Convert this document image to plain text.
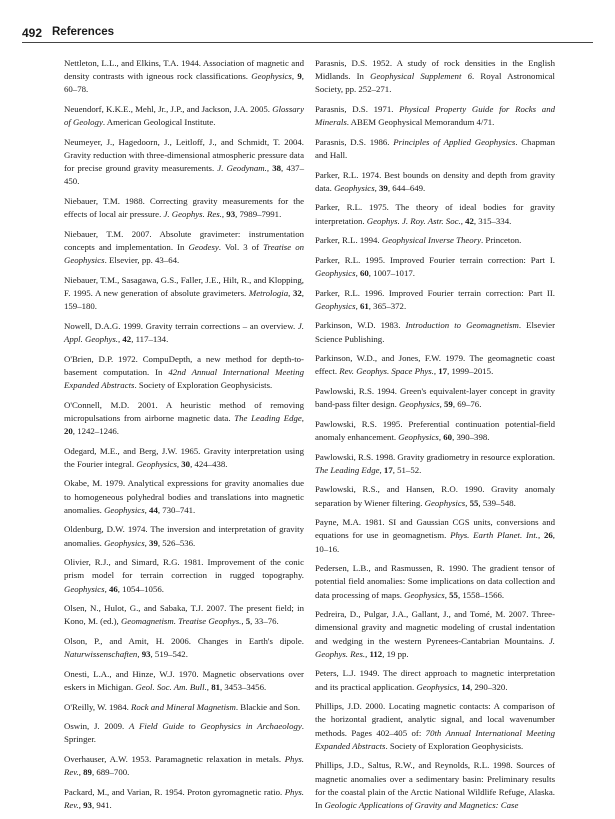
492 References

Nettleton, L.L., and Elkins, T.A. 1944. Association of magnetic and density contrasts with igneous rock classifications. Geophysics, 9, 60–78.

Neuendorf, K.K.E., Mehl, Jr., J.P., and Jackson, J.A. 2005. Glossary of Geology. American Geological Institute.

Neumeyer, J., Hagedoorn, J., Leitloff, J., and Schmidt, T. 2004. Gravity reduction with three-dimensional atmospheric pressure data for precise ground gravity measurements. J. Geodynam., 38, 437–450.

Niebauer, T.M. 1988. Correcting gravity measurements for the effects of local air pressure. J. Geophys. Res., 93, 7989–7991.

Niebauer, T.M. 2007. Absolute gravimeter: instrumentation concepts and implementation. In Geodesy. Vol. 3 of Treatise on Geophysics. Elsevier, pp. 43–64.

Niebauer, T.M., Sasagawa, G.S., Faller, J.E., Hilt, R., and Klopping, F. 1995. A new generation of absolute gravimeters. Metrologia, 32, 159–180.

Nowell, D.A.G. 1999. Gravity terrain corrections – an overview. J. Appl. Geophys., 42, 117–134.

O'Brien, D.P. 1972. CompuDepth, a new method for depth-to-basement computation. In 42nd Annual International Meeting Expanded Abstracts. Society of Exploration Geophysicists.

O'Connell, M.D. 2001. A heuristic method of removing micropulsations from airborne magnetic data. The Leading Edge, 20, 1242–1246.

Odegard, M.E., and Berg, J.W. 1965. Gravity interpretation using the Fourier integral. Geophysics, 30, 424–438.

Okabe, M. 1979. Analytical expressions for gravity anomalies due to homogeneous polyhedral bodies and translations into magnetic anomalies. Geophysics, 44, 730–741.

Oldenburg, D.W. 1974. The inversion and interpretation of gravity anomalies. Geophysics, 39, 526–536.

Olivier, R.J., and Simard, R.G. 1981. Improvement of the conic prism model for terrain correction in rugged topography. Geophysics, 46, 1054–1056.

Olsen, N., Hulot, G., and Sabaka, T.J. 2007. The present field; in Kono, M. (ed.), Geomagnetism. Treatise Geophys., 5, 33–76.

Olson, P., and Amit, H. 2006. Changes in Earth's dipole. Naturwissenschaften, 93, 519–542.

Onesti, L.A., and Hinze, W.J. 1970. Magnetic observations over eskers in Michigan. Geol. Soc. Am. Bull., 81, 3453–3456.

O'Reilly, W. 1984. Rock and Mineral Magnetism. Blackie and Son.

Oswin, J. 2009. A Field Guide to Geophysics in Archaeology. Springer.

Overhauser, A.W. 1953. Paramagnetic relaxation in metals. Phys. Rev., 89, 689–700.

Packard, M., and Varian, R. 1954. Proton gyromagnetic ratio. Phys. Rev., 93, 941.

Parasnis, D.S. 1952. A study of rock densities in the English Midlands. In Geophysical Supplement 6. Royal Astronomical Society, pp. 252–271.

Parasnis, D.S. 1971. Physical Property Guide for Rocks and Minerals. ABEM Geophysical Memorandum 4/71.

Parasnis, D.S. 1986. Principles of Applied Geophysics. Chapman and Hall.

Parker, R.L. 1974. Best bounds on density and depth from gravity data. Geophysics, 39, 644–649.

Parker, R.L. 1975. The theory of ideal bodies for gravity interpretation. Geophys. J. Roy. Astr. Soc., 42, 315–334.

Parker, R.L. 1994. Geophysical Inverse Theory. Princeton.

Parker, R.L. 1995. Improved Fourier terrain correction: Part I. Geophysics, 60, 1007–1017.

Parker, R.L. 1996. Improved Fourier terrain correction: Part II. Geophysics, 61, 365–372.

Parkinson, W.D. 1983. Introduction to Geomagnetism. Elsevier Science Publishing.

Parkinson, W.D., and Jones, F.W. 1979. The geomagnetic coast effect. Rev. Geophys. Space Phys., 17, 1999–2015.

Pawlowski, R.S. 1994. Green's equivalent-layer concept in gravity band-pass filter design. Geophysics, 59, 69–76.

Pawlowski, R.S. 1995. Preferential continuation potential-field anomaly enhancement. Geophysics, 60, 390–398.

Pawlowski, R.S. 1998. Gravity gradiometry in resource exploration. The Leading Edge, 17, 51–52.

Pawlowski, R.S., and Hansen, R.O. 1990. Gravity anomaly separation by Wiener filtering. Geophysics, 55, 539–548.

Payne, M.A. 1981. SI and Gaussian CGS units, conversions and equations for use in geomagnetism. Phys. Earth Planet. Int., 26, 10–16.

Pedersen, L.B., and Rasmussen, R. 1990. The gradient tensor of potential field anomalies: Some implications on data collection and data processing of maps. Geophysics, 55, 1558–1566.

Pedreira, D., Pulgar, J.A., Gallant, J., and Tomé, M. 2007. Three-dimensional gravity and magnetic modeling of crustal indentation and wedging in the western Pyrenees-Cantabrian Mountains. J. Geophys. Res., 112, 19 pp.

Peters, L.J. 1949. The direct approach to magnetic interpretation and its practical application. Geophysics, 14, 290–320.

Phillips, J.D. 2000. Locating magnetic contacts: A comparison of the horizontal gradient, analytic signal, and local wavenumber methods. Pages 402–405 of: 70th Annual International Meeting Expanded Abstracts. Society of Exploration Geophysicists.

Phillips, J.D., Saltus, R.W., and Reynolds, R.L. 1998. Sources of magnetic anomalies over a sedimentary basin: Preliminary results for the coastal plain of the Arctic National Wildlife Refuge, Alaska. In Geologic Applications of Gravity and Magnetics: Case
